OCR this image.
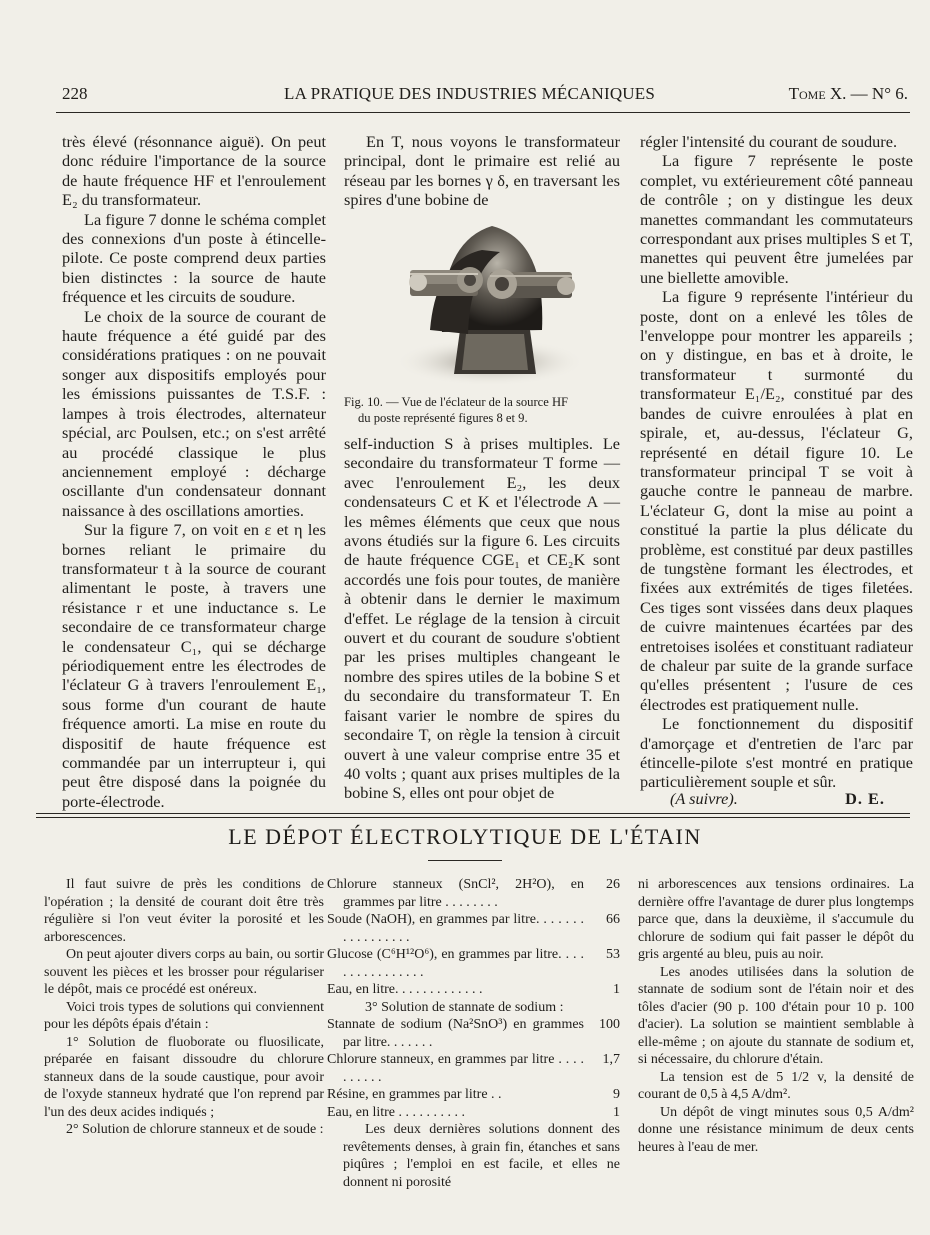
228	LA PRATIQUE DES INDUSTRIES MÉCANIQUES	Tome X. — N° 6.

très élevé (résonnance aiguë). On peut donc réduire l'importance de la source de haute fréquence HF et l'enroulement E₂ du transformateur.

La figure 7 donne le schéma complet des connexions d'un poste à étincelle-pilote. Ce poste comprend deux parties bien distinctes : la source de haute fréquence et les circuits de soudure.

Le choix de la source de courant de haute fréquence a été guidé par des considérations pratiques : on ne pouvait songer aux dispositifs employés pour les émissions puissantes de T.S.F. : lampes à trois électrodes, alternateur spécial, arc Poulsen, etc.; on s'est arrêté au procédé classique le plus anciennement employé : décharge oscillante d'un condensateur donnant naissance à des oscillations amorties.

Sur la figure 7, on voit en ε et η les bornes reliant le primaire du transformateur t à la source de courant alimentant le poste, à travers une résistance r et une inductance s. Le secondaire de ce transformateur charge le condensateur C₁, qui se décharge périodiquement entre les électrodes de l'éclateur G à travers l'enroulement E₁, sous forme d'un courant de haute fréquence amorti. La mise en route du dispositif de haute fréquence est commandée par un interrupteur i, qui peut être disposé dans la poignée du porte-électrode.

En T, nous voyons le transformateur principal, dont le primaire est relié au réseau par les bornes γ δ, en traversant les spires d'une bobine de

Fig. 10. — Vue de l'éclateur de la source HF
du poste représenté figures 8 et 9.

self-induction S à prises multiples. Le secondaire du transformateur T forme — avec l'enroulement E₂, les deux condensateurs C et K et l'électrode A — les mêmes éléments que ceux que nous avons étudiés sur la figure 6. Les circuits de haute fréquence CGE₁ et CE₂K sont accordés une fois pour toutes, de manière à obtenir dans le dernier le maximum d'effet. Le réglage de la tension à circuit ouvert et du courant de soudure s'obtient par les prises multiples changeant le nombre des spires utiles de la bobine S et du secondaire du transformateur T. En faisant varier le nombre de spires du secondaire T, on règle la tension à circuit ouvert à une valeur comprise entre 35 et 40 volts ; quant aux prises multiples de la bobine S, elles ont pour objet de

régler l'intensité du courant de soudure.

La figure 7 représente le poste complet, vu extérieurement côté panneau de contrôle ; on y distingue les deux manettes commandant les commutateurs correspondant aux prises multiples S et T, manettes qui peuvent être jumelées par une biellette amovible.

La figure 9 représente l'intérieur du poste, dont on a enlevé les tôles de l'enveloppe pour montrer les appareils ; on y distingue, en bas et à droite, le transformateur t surmonté du transformateur E₁/E₂, constitué par des bandes de cuivre enroulées à plat en spirale, et, au-dessus, l'éclateur G, représenté en détail figure 10. Le transformateur principal T se voit à gauche contre le panneau de marbre. L'éclateur G, dont la mise au point a constitué la partie la plus délicate du problème, est constitué par deux pastilles de tungstène formant les électrodes, et fixées aux extrémités de tiges filetées. Ces tiges sont vissées dans deux plaques de cuivre maintenues écartées par des entretoises isolées et constituant radiateur de chaleur par suite de la grande surface qu'elles présentent ; l'usure de ces électrodes est pratiquement nulle.

Le fonctionnement du dispositif d'amorçage et d'entretien de l'arc par étincelle-pilote s'est montré en pratique particulièrement souple et sûr.

(A suivre).	D. E.
LE DÉPOT ÉLECTROLYTIQUE DE L'ÉTAIN

Il faut suivre de près les conditions de l'opération ; la densité de courant doit être très régulière si l'on veut éviter la porosité et les arborescences.

On peut ajouter divers corps au bain, ou sortir souvent les pièces et les brosser pour régulariser le dépôt, mais ce procédé est onéreux.

Voici trois types de solutions qui conviennent pour les dépôts épais d'étain :

1° Solution de fluoborate ou fluosilicate, préparée en faisant dissoudre du chlorure stanneux dans de la soude caustique, pour avoir de l'oxyde stanneux hydraté que l'on reprend par l'un des deux acides indiqués ;

2° Solution de chlorure stanneux et de soude :

Chlorure stanneux (SnCl², 2H²O), en grammes par litre . . . . . . . .
26
Soude (NaOH), en grammes par litre. . . . . . . . . . . . . . . . .
66
Glucose (C⁶H¹²O⁶), en grammes par litre. . . . . . . . . . . . . . . .
53
Eau, en litre. . . . . . . . . . . . .	1

3° Solution de stannate de sodium :

Stannate de sodium (Na²SnO³) en grammes par litre. . . . . . .
100
Chlorure stanneux, en grammes par litre . . . . . . . . . .
1,7
Résine, en grammes par litre . .	9
Eau, en litre . . . . . . . . . .	1

Les deux dernières solutions donnent des revêtements denses, à grain fin, étanches et sans piqûres ; l'emploi en est facile, et elles ne donnent ni porosité

ni arborescences aux tensions ordinaires. La dernière offre l'avantage de durer plus longtemps parce que, dans la deuxième, il s'accumule du chlorure de sodium qui fait passer le dépôt du gris argenté au bleu, puis au noir.

Les anodes utilisées dans la solution de stannate de sodium sont de l'étain noir et des tôles d'acier (90 p. 100 d'étain pour 10 p. 100 d'acier). La solution se maintient semblable à elle-même ; on ajoute du stannate de sodium et, si nécessaire, du chlorure d'étain.

La tension est de 5 1/2 v, la densité de courant de 0,5 à 4,5 A/dm².

Un dépôt de vingt minutes sous 0,5 A/dm² donne une résistance minimum de deux cents heures à l'eau de mer.
